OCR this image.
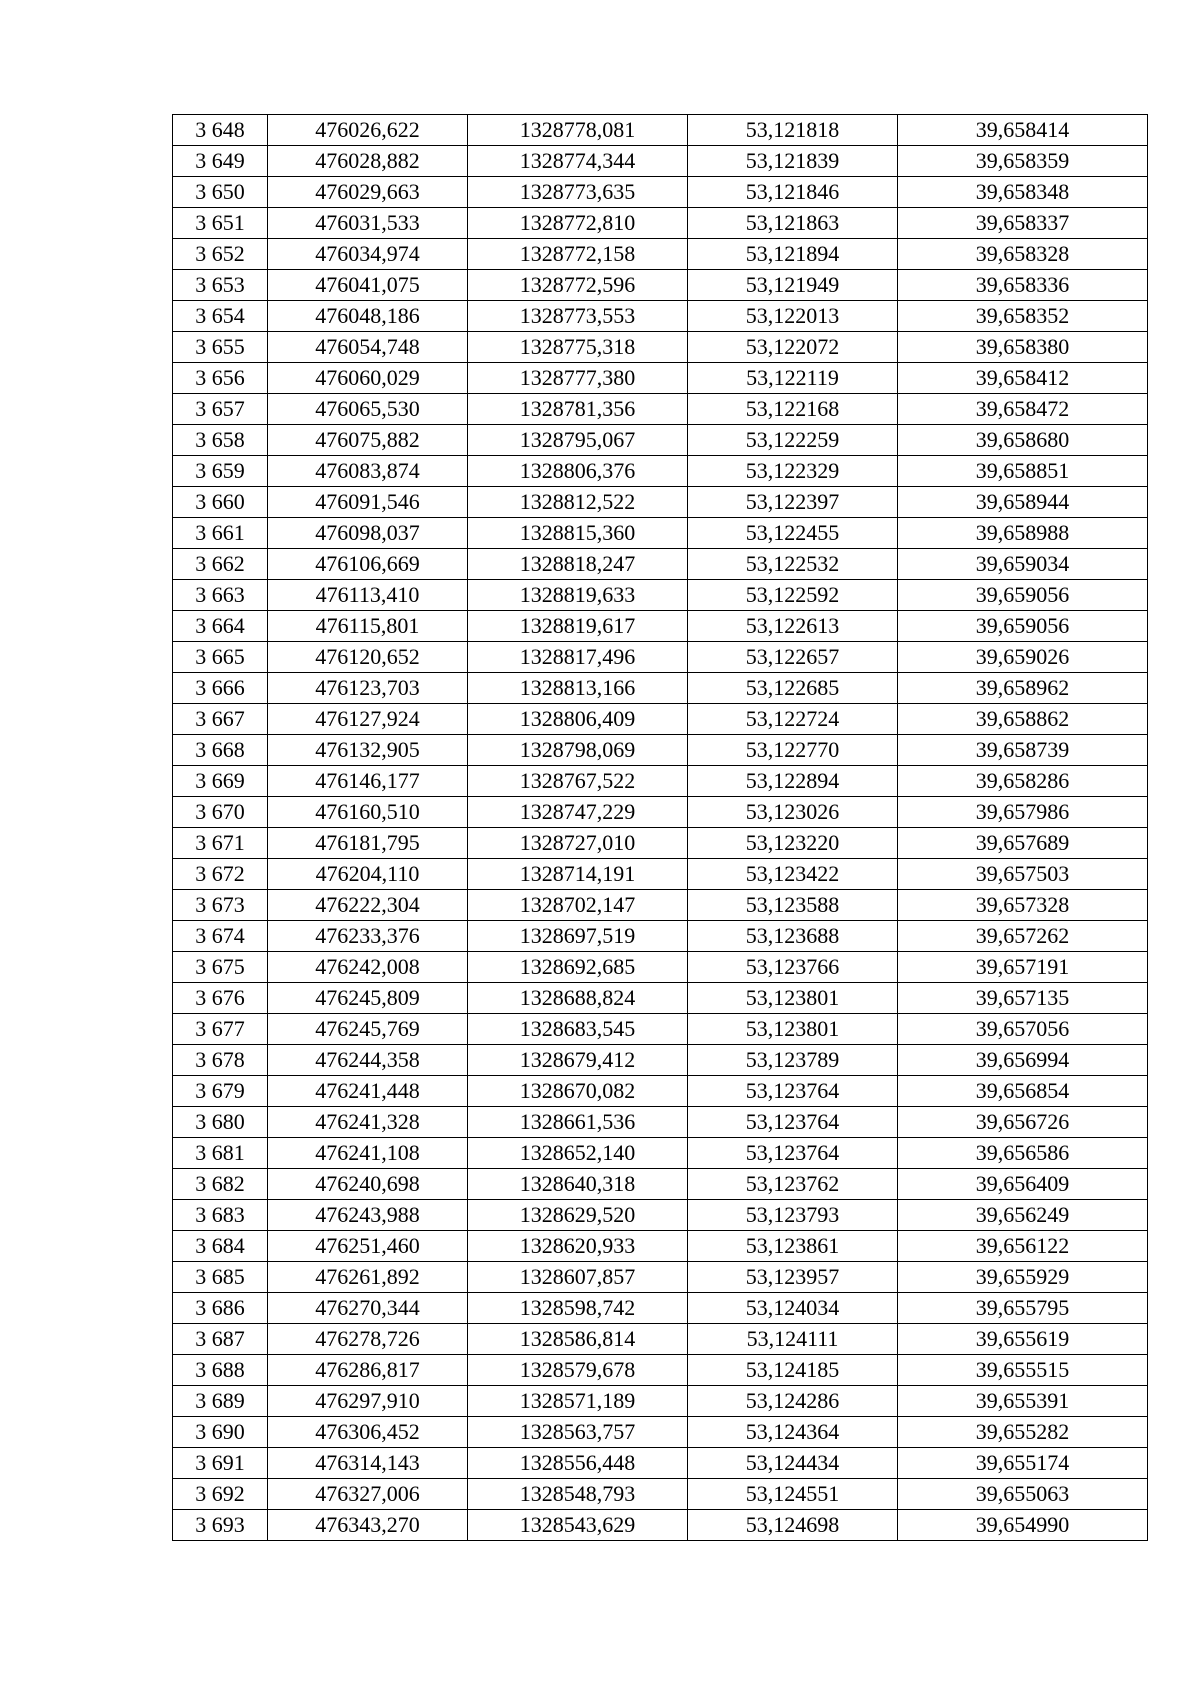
3 648	476026,622	1328778,081	53,121818	39,658414
3 649	476028,882	1328774,344	53,121839	39,658359
3 650	476029,663	1328773,635	53,121846	39,658348
3 651	476031,533	1328772,810	53,121863	39,658337
3 652	476034,974	1328772,158	53,121894	39,658328
3 653	476041,075	1328772,596	53,121949	39,658336
3 654	476048,186	1328773,553	53,122013	39,658352
3 655	476054,748	1328775,318	53,122072	39,658380
3 656	476060,029	1328777,380	53,122119	39,658412
3 657	476065,530	1328781,356	53,122168	39,658472
3 658	476075,882	1328795,067	53,122259	39,658680
3 659	476083,874	1328806,376	53,122329	39,658851
3 660	476091,546	1328812,522	53,122397	39,658944
3 661	476098,037	1328815,360	53,122455	39,658988
3 662	476106,669	1328818,247	53,122532	39,659034
3 663	476113,410	1328819,633	53,122592	39,659056
3 664	476115,801	1328819,617	53,122613	39,659056
3 665	476120,652	1328817,496	53,122657	39,659026
3 666	476123,703	1328813,166	53,122685	39,658962
3 667	476127,924	1328806,409	53,122724	39,658862
3 668	476132,905	1328798,069	53,122770	39,658739
3 669	476146,177	1328767,522	53,122894	39,658286
3 670	476160,510	1328747,229	53,123026	39,657986
3 671	476181,795	1328727,010	53,123220	39,657689
3 672	476204,110	1328714,191	53,123422	39,657503
3 673	476222,304	1328702,147	53,123588	39,657328
3 674	476233,376	1328697,519	53,123688	39,657262
3 675	476242,008	1328692,685	53,123766	39,657191
3 676	476245,809	1328688,824	53,123801	39,657135
3 677	476245,769	1328683,545	53,123801	39,657056
3 678	476244,358	1328679,412	53,123789	39,656994
3 679	476241,448	1328670,082	53,123764	39,656854
3 680	476241,328	1328661,536	53,123764	39,656726
3 681	476241,108	1328652,140	53,123764	39,656586
3 682	476240,698	1328640,318	53,123762	39,656409
3 683	476243,988	1328629,520	53,123793	39,656249
3 684	476251,460	1328620,933	53,123861	39,656122
3 685	476261,892	1328607,857	53,123957	39,655929
3 686	476270,344	1328598,742	53,124034	39,655795
3 687	476278,726	1328586,814	53,124111	39,655619
3 688	476286,817	1328579,678	53,124185	39,655515
3 689	476297,910	1328571,189	53,124286	39,655391
3 690	476306,452	1328563,757	53,124364	39,655282
3 691	476314,143	1328556,448	53,124434	39,655174
3 692	476327,006	1328548,793	53,124551	39,655063
3 693	476343,270	1328543,629	53,124698	39,654990
